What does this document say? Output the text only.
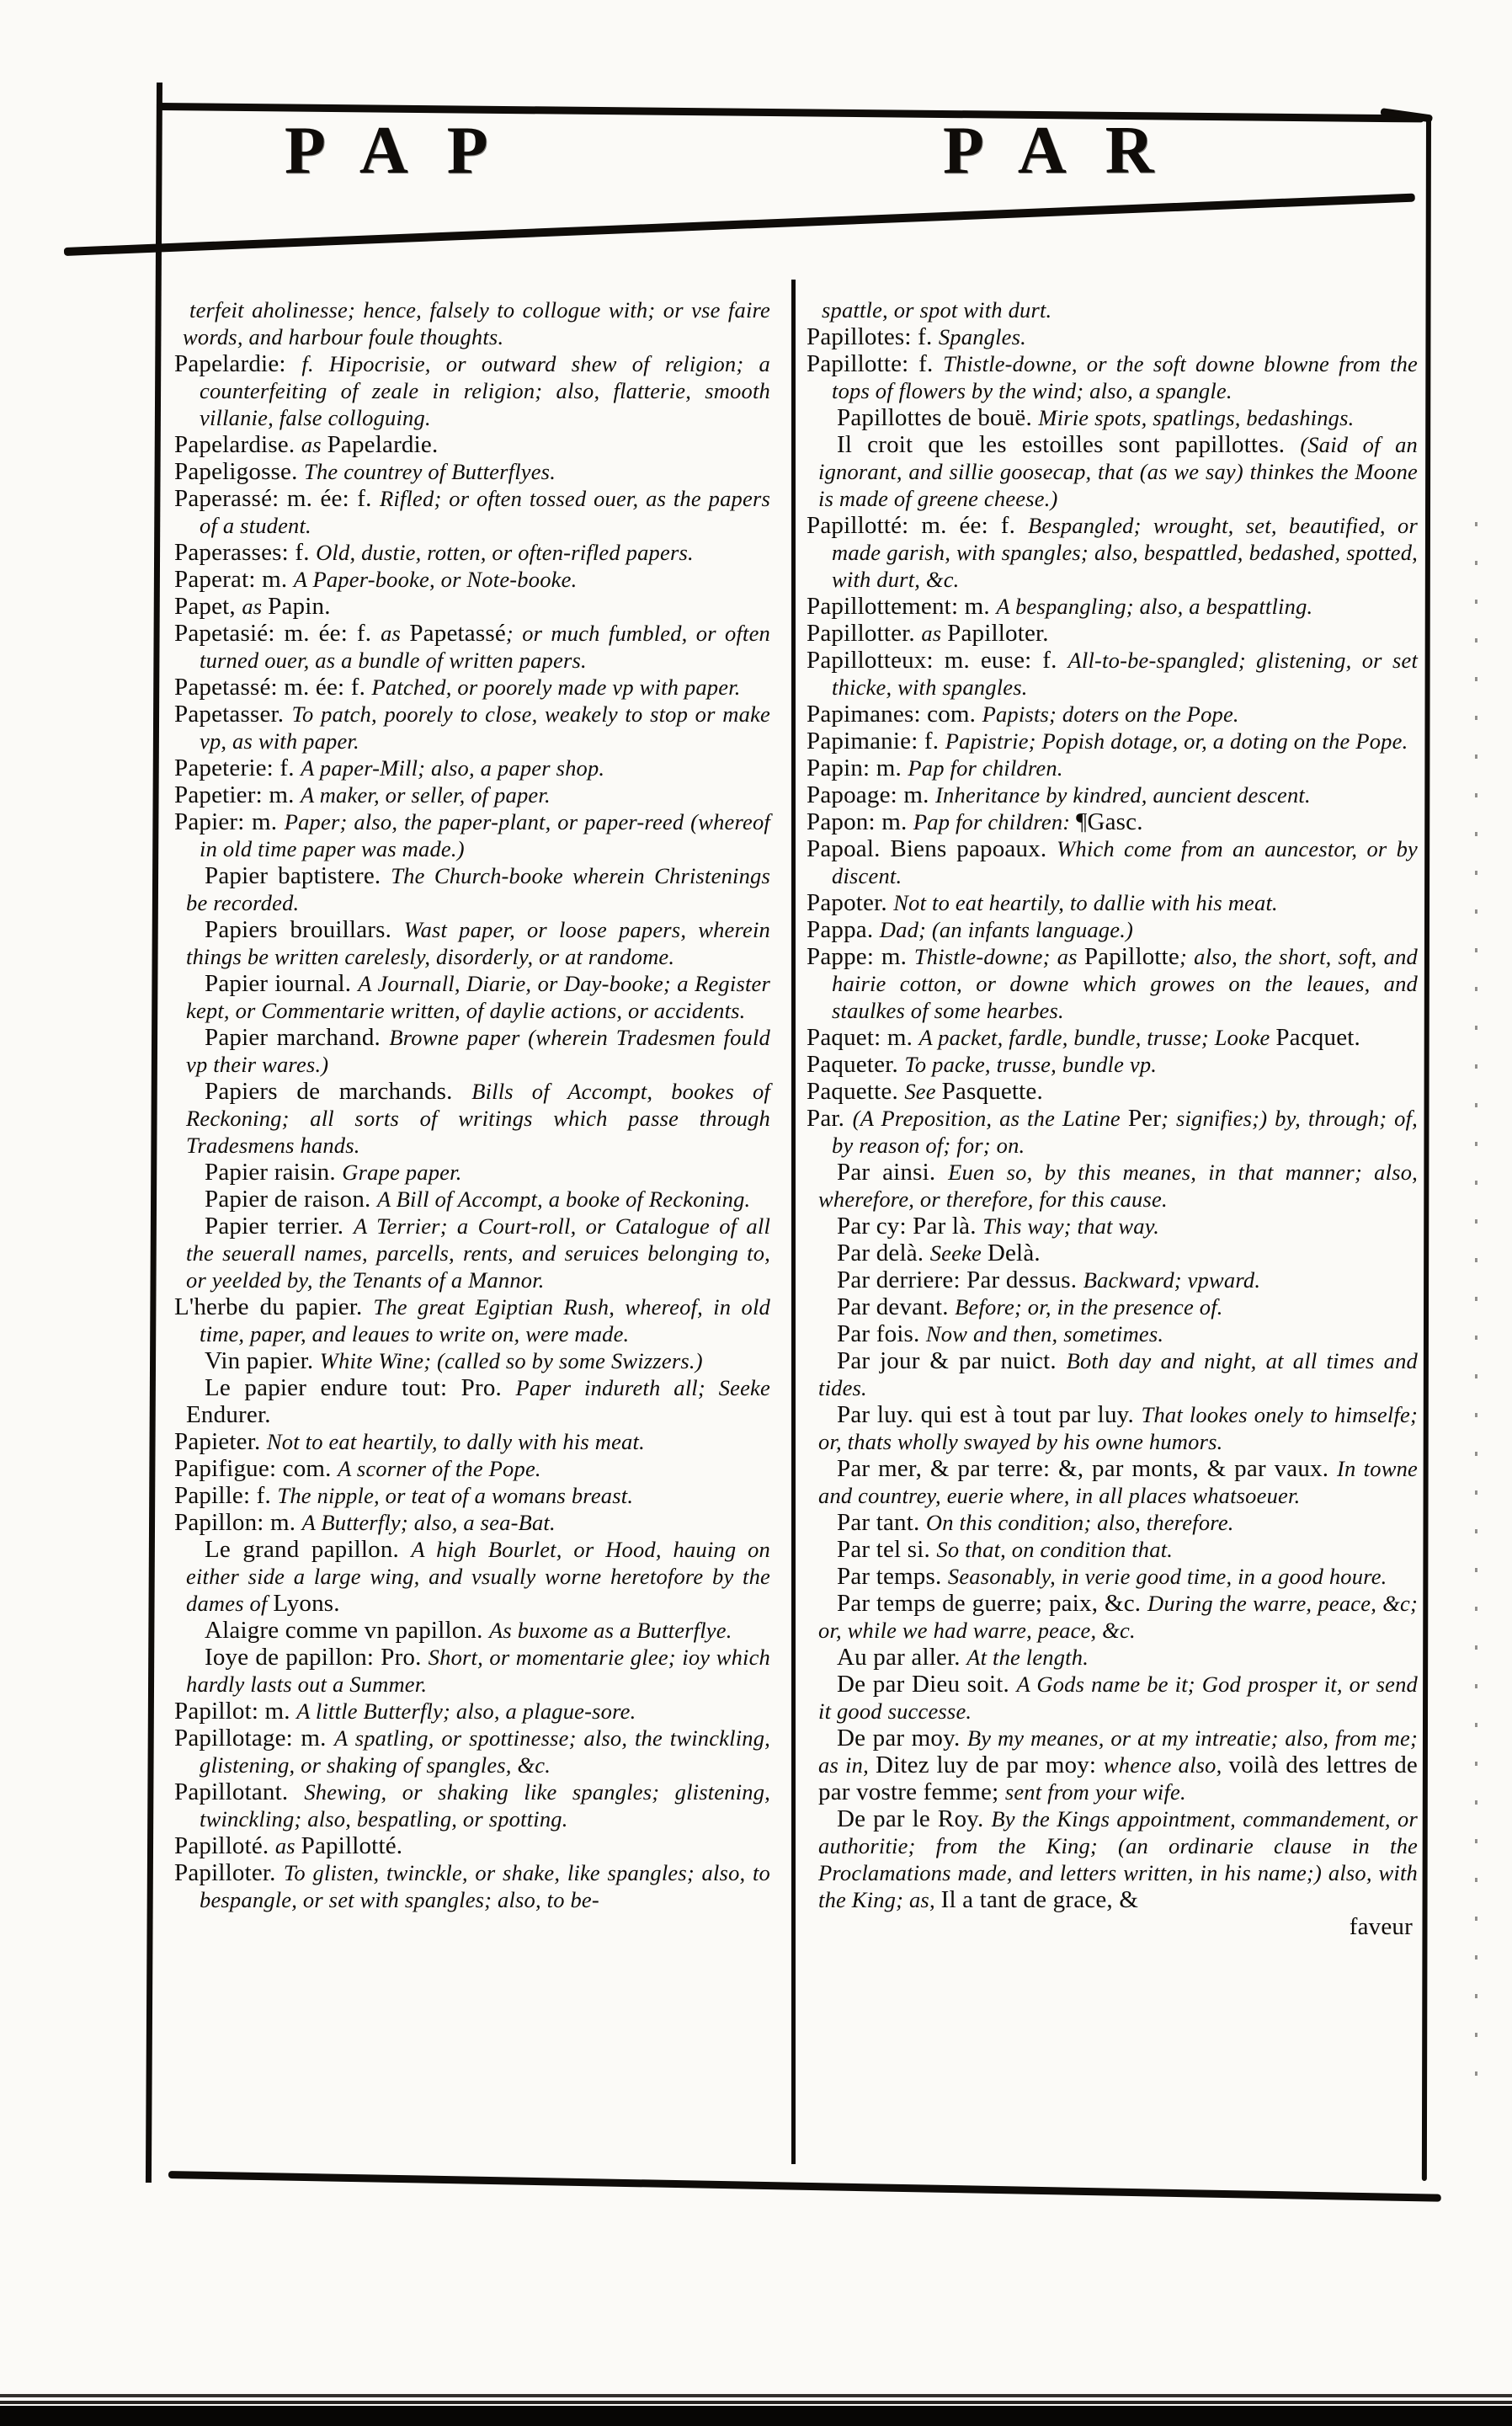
PAP	PAR

terfeit aholinesse; hence, falsely to collogue with; or vse faire words, and harbour foule thoughts.

Papelardie: f. Hipocrisie, or outward shew of religion; a counterfeiting of zeale in religion; also, flatterie, smooth villanie, false colloguing.

Papelardise. as Papelardie.

Papeligosse. The countrey of Butterflyes.

Paperassé: m. ée: f. Rifled; or often tossed ouer, as the papers of a student.

Paperasses: f. Old, dustie, rotten, or often-rifled papers.

Paperat: m. A Paper-booke, or Note-booke.

Papet, as Papin.

Papetasié: m. ée: f. as Papetassé; or much fumbled, or often turned ouer, as a bundle of written papers.

Papetassé: m. ée: f. Patched, or poorely made vp with paper.

Papetasser. To patch, poorely to close, weakely to stop or make vp, as with paper.

Papeterie: f. A paper-Mill; also, a paper shop.

Papetier: m. A maker, or seller, of paper.

Papier: m. Paper; also, the paper-plant, or paper-reed (whereof in old time paper was made.)

Papier baptistere. The Church-booke wherein Christenings be recorded.

Papiers brouillars. Wast paper, or loose papers, wherein things be written carelesly, disorderly, or at randome.

Papier iournal. A Journall, Diarie, or Day-booke; a Register kept, or Commentarie written, of daylie actions, or accidents.

Papier marchand. Browne paper (wherein Tradesmen fould vp their wares.)

Papiers de marchands. Bills of Accompt, bookes of Reckoning; all sorts of writings which passe through Tradesmens hands.

Papier raisin. Grape paper.

Papier de raison. A Bill of Accompt, a booke of Reckoning.

Papier terrier. A Terrier; a Court-roll, or Catalogue of all the seuerall names, parcells, rents, and seruices belonging to, or yeelded by, the Tenants of a Mannor.

L'herbe du papier. The great Egiptian Rush, whereof, in old time, paper, and leaues to write on, were made.

Vin papier. White Wine; (called so by some Swizzers.)

Le papier endure tout: Pro. Paper indureth all; Seeke Endurer.

Papieter. Not to eat heartily, to dally with his meat.

Papifigue: com. A scorner of the Pope.

Papille: f. The nipple, or teat of a womans breast.

Papillon: m. A Butterfly; also, a sea-Bat.

Le grand papillon. A high Bourlet, or Hood, hauing on either side a large wing, and vsually worne heretofore by the dames of Lyons.

Alaigre comme vn papillon. As buxome as a Butterflye.

Ioye de papillon: Pro. Short, or momentarie glee; ioy which hardly lasts out a Summer.

Papillot: m. A little Butterfly; also, a plague-sore.

Papillotage: m. A spatling, or spottinesse; also, the twinckling, glistening, or shaking of spangles, &c.

Papillotant. Shewing, or shaking like spangles; glistening, twinckling; also, bespatling, or spotting.

Papilloté. as Papillotté.

Papilloter. To glisten, twinckle, or shake, like spangles; also, to bespangle, or set with spangles; also, to be-

spattle, or spot with durt.

Papillotes: f. Spangles.

Papillotte: f. Thistle-downe, or the soft downe blowne from the tops of flowers by the wind; also, a spangle.

Papillottes de bouë. Mirie spots, spatlings, bedashings.

Il croit que les estoilles sont papillottes. (Said of an ignorant, and sillie goosecap, that (as we say) thinkes the Moone is made of greene cheese.)

Papillotté: m. ée: f. Bespangled; wrought, set, beautified, or made garish, with spangles; also, bespattled, bedashed, spotted, with durt, &c.

Papillottement: m. A bespangling; also, a bespattling.

Papillotter. as Papilloter.

Papillotteux: m. euse: f. All-to-be-spangled; glistening, or set thicke, with spangles.

Papimanes: com. Papists; doters on the Pope.

Papimanie: f. Papistrie; Popish dotage, or, a doting on the Pope.

Papin: m. Pap for children.

Papoage: m. Inheritance by kindred, auncient descent.

Papon: m. Pap for children: ¶Gasc.

Papoal. Biens papoaux. Which come from an auncestor, or by discent.

Papoter. Not to eat heartily, to dallie with his meat.

Pappa. Dad; (an infants language.)

Pappe: m. Thistle-downe; as Papillotte; also, the short, soft, and hairie cotton, or downe which growes on the leaues, and staulkes of some hearbes.

Paquet: m. A packet, fardle, bundle, trusse; Looke Pacquet.

Paqueter. To packe, trusse, bundle vp.

Paquette. See Pasquette.

Par. (A Preposition, as the Latine Per; signifies;) by, through; of, by reason of; for; on.

Par ainsi. Euen so, by this meanes, in that manner; also, wherefore, or therefore, for this cause.

Par cy: Par là. This way; that way.

Par delà. Seeke Delà.

Par derriere: Par dessus. Backward; vpward.

Par devant. Before; or, in the presence of.

Par fois. Now and then, sometimes.

Par jour & par nuict. Both day and night, at all times and tides.

Par luy. qui est à tout par luy. That lookes onely to himselfe; or, thats wholly swayed by his owne humors.

Par mer, & par terre: &, par monts, & par vaux. In towne and countrey, euerie where, in all places whatsoeuer.

Par tant. On this condition; also, therefore.

Par tel si. So that, on condition that.

Par temps. Seasonably, in verie good time, in a good houre.

Par temps de guerre; paix, &c. During the warre, peace, &c; or, while we had warre, peace, &c.

Au par aller. At the length.

De par Dieu soit. A Gods name be it; God prosper it, or send it good successe.

De par moy. By my meanes, or at my intreatie; also, from me; as in, Ditez luy de par moy: whence also, voilà des lettres de par vostre femme; sent from your wife.

De par le Roy. By the Kings appointment, commandement, or authoritie; from the King; (an ordinarie clause in the Proclamations made, and letters written, in his name;) also, with the King; as, Il a tant de grace, &

faveur
